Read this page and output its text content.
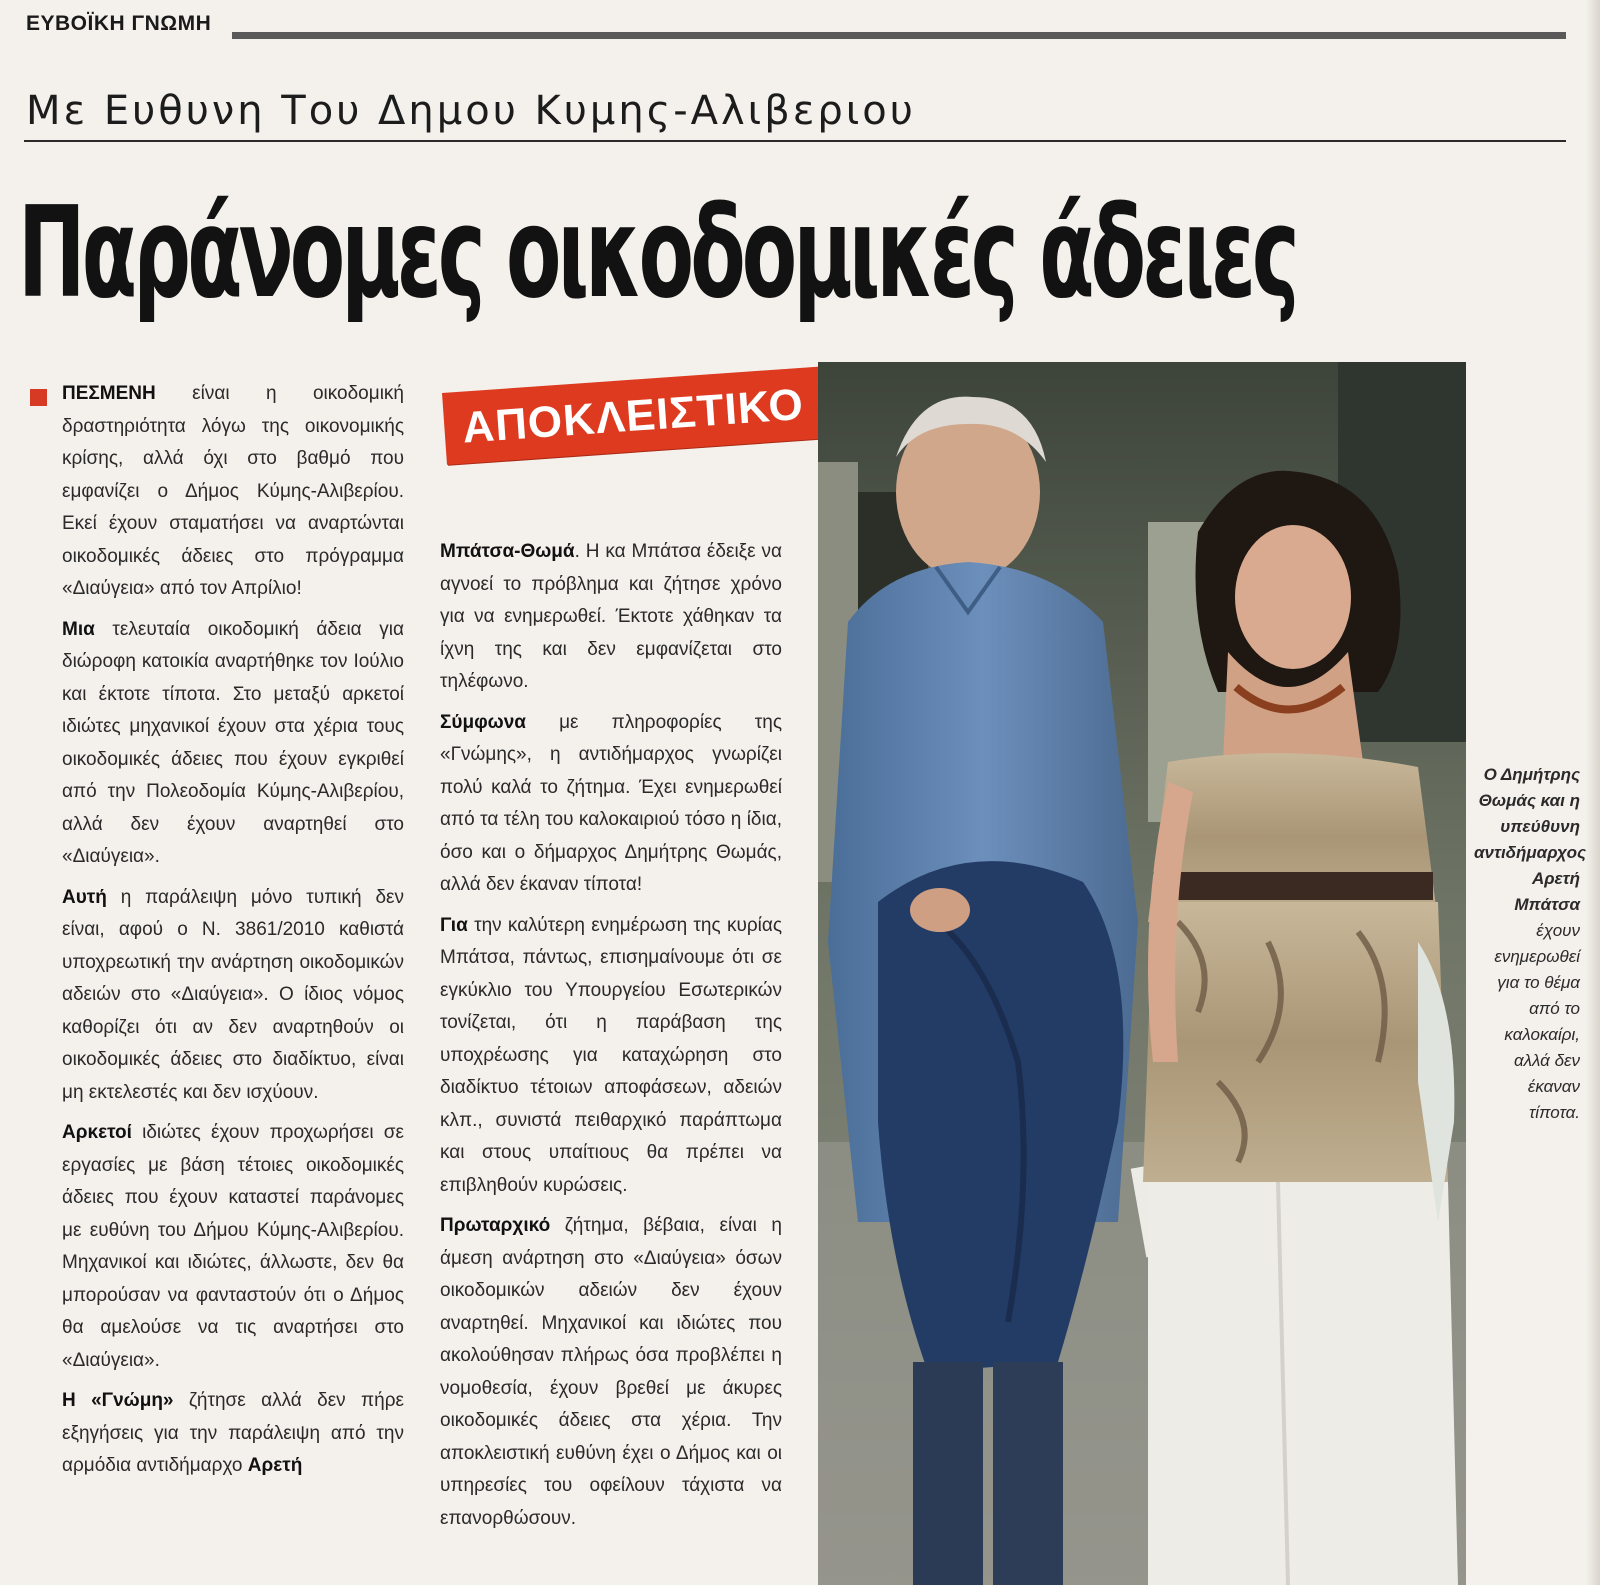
ΕΥΒΟΪΚΗ ΓΝΩΜΗ
Με Ευθυνη Του Δημου Κυμης-Αλιβεριου
Παράνομες οικοδομικές άδειες

ΠΕΣΜΕΝΗ είναι η οικοδομική δραστηριότητα λόγω της οικονομικής κρίσης, αλλά όχι στο βαθμό που εμφανίζει ο Δήμος Κύμης-Αλιβερίου. Εκεί έχουν σταματήσει να αναρτώνται οικοδομικές άδειες στο πρόγραμμα «Διαύγεια» από τον Απρίλιο!

Μια τελευταία οικοδομική άδεια για διώροφη κατοικία αναρτήθηκε τον Ιούλιο και έκτοτε τίποτα. Στο μεταξύ αρκετοί ιδιώτες μηχανικοί έχουν στα χέρια τους οικοδομικές άδειες που έχουν εγκριθεί από την Πολεοδομία Κύμης-Αλιβερίου, αλλά δεν έχουν αναρτηθεί στο «Διαύγεια».

Αυτή η παράλειψη μόνο τυπική δεν είναι, αφού ο Ν. 3861/2010 καθιστά υποχρεωτική την ανάρτηση οικοδομικών αδειών στο «Διαύγεια». Ο ίδιος νόμος καθορίζει ότι αν δεν αναρτηθούν οι οικοδομικές άδειες στο διαδίκτυο, είναι μη εκτελεστές και δεν ισχύουν.

Αρκετοί ιδιώτες έχουν προχωρήσει σε εργασίες με βάση τέτοιες οικοδομικές άδειες που έχουν καταστεί παράνομες με ευθύνη του Δήμου Κύμης-Αλιβερίου. Μηχανικοί και ιδιώτες, άλλωστε, δεν θα μπορούσαν να φανταστούν ότι ο Δήμος θα αμελούσε να τις αναρτήσει στο «Διαύγεια».

Η «Γνώμη» ζήτησε αλλά δεν πήρε εξηγήσεις για την παράλειψη από την αρμόδια αντιδήμαρχο Αρετή

ΑΠΟΚΛΕΙΣΤΙΚΟ

Μπάτσα-Θωμά. Η κα Μπάτσα έδειξε να αγνοεί το πρόβλημα και ζήτησε χρόνο για να ενημερωθεί. Έκτοτε χάθηκαν τα ίχνη της και δεν εμφανίζεται στο τηλέφωνο.

Σύμφωνα με πληροφορίες της «Γνώμης», η αντιδήμαρχος γνωρίζει πολύ καλά το ζήτημα. Έχει ενημερωθεί από τα τέλη του καλοκαιριού τόσο η ίδια, όσο και ο δήμαρχος Δημήτρης Θωμάς, αλλά δεν έκαναν τίποτα!

Για την καλύτερη ενημέρωση της κυρίας Μπάτσα, πάντως, επισημαίνουμε ότι σε εγκύκλιο του Υπουργείου Εσωτερικών τονίζεται, ότι η παράβαση της υποχρέωσης για καταχώρηση στο διαδίκτυο τέτοιων αποφάσεων, αδειών κλπ., συνιστά πειθαρχικό παράπτωμα και στους υπαίτιους θα πρέπει να επιβληθούν κυρώσεις.

Πρωταρχικό ζήτημα, βέβαια, είναι η άμεση ανάρτηση στο «Διαύγεια» όσων οικοδομικών αδειών δεν έχουν αναρτηθεί. Μηχανικοί και ιδιώτες που ακολούθησαν πλήρως όσα προβλέπει η νομοθεσία, έχουν βρεθεί με άκυρες οικοδομικές άδειες στα χέρια. Την αποκλειστική ευθύνη έχει ο Δήμος και οι υπηρεσίες του οφείλουν τάχιστα να επανορθώσουν.

Ο Δημήτρης Θωμάς και η υπεύθυνη αντιδήμαρχος Αρετή Μπάτσα έχουν ενημερωθεί για το θέμα από το καλοκαίρι, αλλά δεν έκαναν τίποτα.
